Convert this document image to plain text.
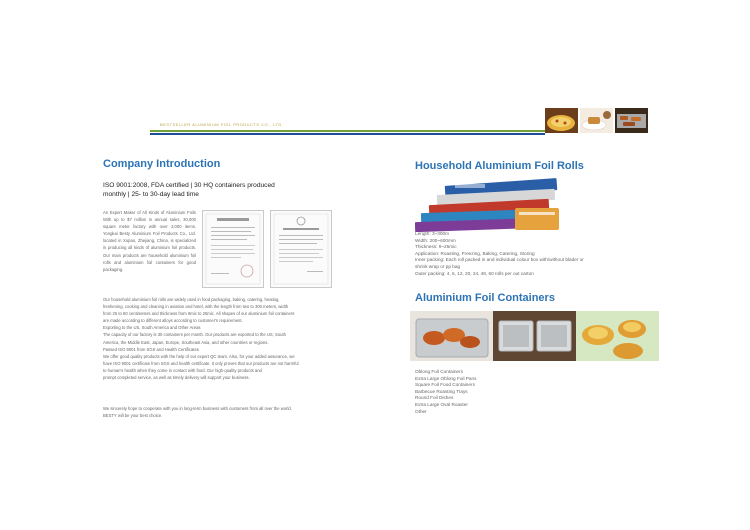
BESTSELLER ALUMINIUM FOIL PRODUCTS CO., LTD.
Company Introduction
ISO 9001:2008, FDA certified | 30 HQ containers produced
monthly | 25- to 30-day lead time

An Expert Maker of All Kinds of Aluminium Foils With up to $7 million in annual sales, 30,000 square meter factory with over 3,000 items, Yongkai Besty Aluminium Foil Products Co., Ltd. located in Xupao, Zhejiang, China, is specialized in producing all kinds of aluminium foil products. Our main products are household aluminium foil rolls and aluminium foil containers for good packaging.

Our household aluminium foil rolls are widely used in food packaging, baking, catering, heating,
freshening, cooking and cleaning in aviation and hotel, with the length from two to 300 meters, width
from 25 to 60 centimeters and thickness from 9mic to 25mic. All shapes of our aluminium foil containers
are made according to different alloys according to customer's requirement.
Exporting to the US, South America and Other Areas
The capacity of our factory is 30 containers per month. Our products are exported to the US, South
America, the Middle East, Japan, Europe, Southeast Asia, and other countries or regions.
Passed ISO 9001 from SGS and Health Certificates
We offer good quality products with the help of our expert QC team. Also, for your added assurance, we
have ISO 9001 certificate from SGS and health certificate. It only proves that our products are not harmful
to human's health when they come in contact with food. Our high-quality products and
prompt completed service, as well as timely delivery will support your business.
We sincerely hope to cooperate with you in long-term business with customers from all over the world.
BESTY will be your best choice.
Household Aluminium Foil Rolls
Length: 3~300m
Width: 200~600mm
Thickness: 9~25mic
Application: Roasting, Freezing, Baking, Catering, Storing
Inner packing: Each roll packed in and individual colour box with/without blader or
shrink wrap or pp bag
Outer packing: 4, 6, 12, 20, 24, 48, 60 rolls per out carton
Aluminium Foil Containers
Oblong Foil Containers
Extra Large Oblong Foil Pans
Square Foil Food Containers
Barbecue Roasting Trays
Round Foil Dishes
Extra Large Oval Roaster
Other
